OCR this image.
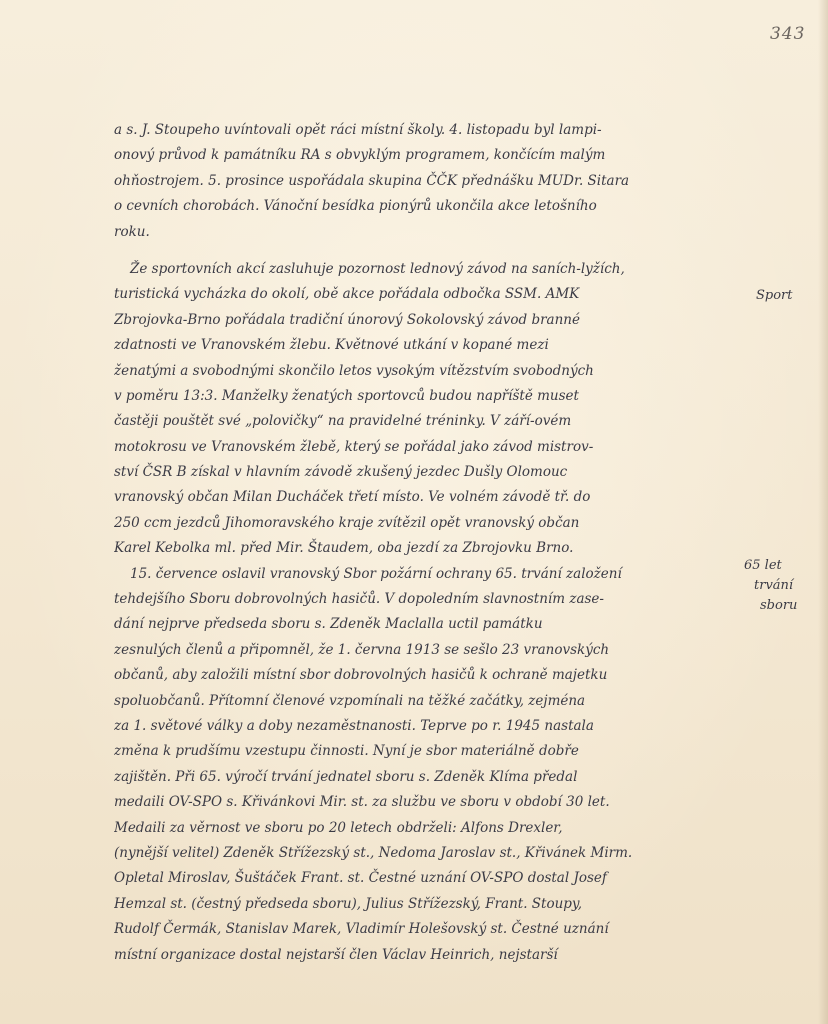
343
a s. J. Stoupeho uvíntovali opět ráci místní školy. 4. listopadu byl lampi-
onový průvod k památníku RA s obvyklým programem, končícím malým
ohňostrojem. 5. prosince uspořádala skupina ČČK přednášku MUDr. Sitara
o cevních chorobách. Vánoční besídka pionýrů ukončila akce letošního
roku.
Že sportovních akcí zasluhuje pozornost lednový závod na saních-lyžích,
turistická vycházka do okolí, obě akce pořádala odbočka SSM. AMK
Zbrojovka-Brno pořádala tradiční únorový Sokolovský závod branné
zdatnosti ve Vranovském žlebu. Květnové utkání v kopané mezi
ženatými a svobodnými skončilo letos vysokým vítězstvím svobodných
v poměru 13:3. Manželky ženatých sportovců budou napříště muset
častěji pouštět své „polovičky“ na pravidelné tréninky. V září-ovém
motokrosu ve Vranovském žlebě, který se pořádal jako závod mistrov-
ství ČSR B získal v hlavním závodě zkušený jezdec Dušly Olomouc
vranovský občan Milan Ducháček třetí místo. Ve volném závodě tř. do
250 ccm jezdců Jihomoravského kraje zvítězil opět vranovský občan
Karel Kebolka ml. před Mir. Štaudem, oba jezdí za Zbrojovku Brno.
15. července oslavil vranovský Sbor požární ochrany 65. trvání založení
tehdejšího Sboru dobrovolných hasičů. V dopoledním slavnostním zase-
dání nejprve předseda sboru s. Zdeněk Maclalla uctil památku
zesnulých členů a připomněl, že 1. června 1913 se sešlo 23 vranovských
občanů, aby založili místní sbor dobrovolných hasičů k ochraně majetku
spoluobčanů. Přítomní členové vzpomínali na těžké začátky, zejména
za 1. světové války a doby nezaměstnanosti. Teprve po r. 1945 nastala
změna k prudšímu vzestupu činnosti. Nyní je sbor materiálně dobře
zajištěn. Při 65. výročí trvání jednatel sboru s. Zdeněk Klíma předal
medaili OV-SPO s. Křivánkovi Mir. st. za službu ve sboru v období 30 let.
Medaili za věrnost ve sboru po 20 letech obdrželi: Alfons Drexler,
(nynější velitel) Zdeněk Střížezský st., Nedoma Jaroslav st., Křivánek Mirm.
Opletal Miroslav, Šuštáček Frant. st. Čestné uznání OV-SPO dostal Josef
Hemzal st. (čestný předseda sboru), Julius Střížezský, Frant. Stoupy,
Rudolf Čermák, Stanislav Marek, Vladimír Holešovský st. Čestné uznání
místní organizace dostal nejstarší člen Václav Heinrich, nejstarší
Sport
65 let
trvání
sboru
